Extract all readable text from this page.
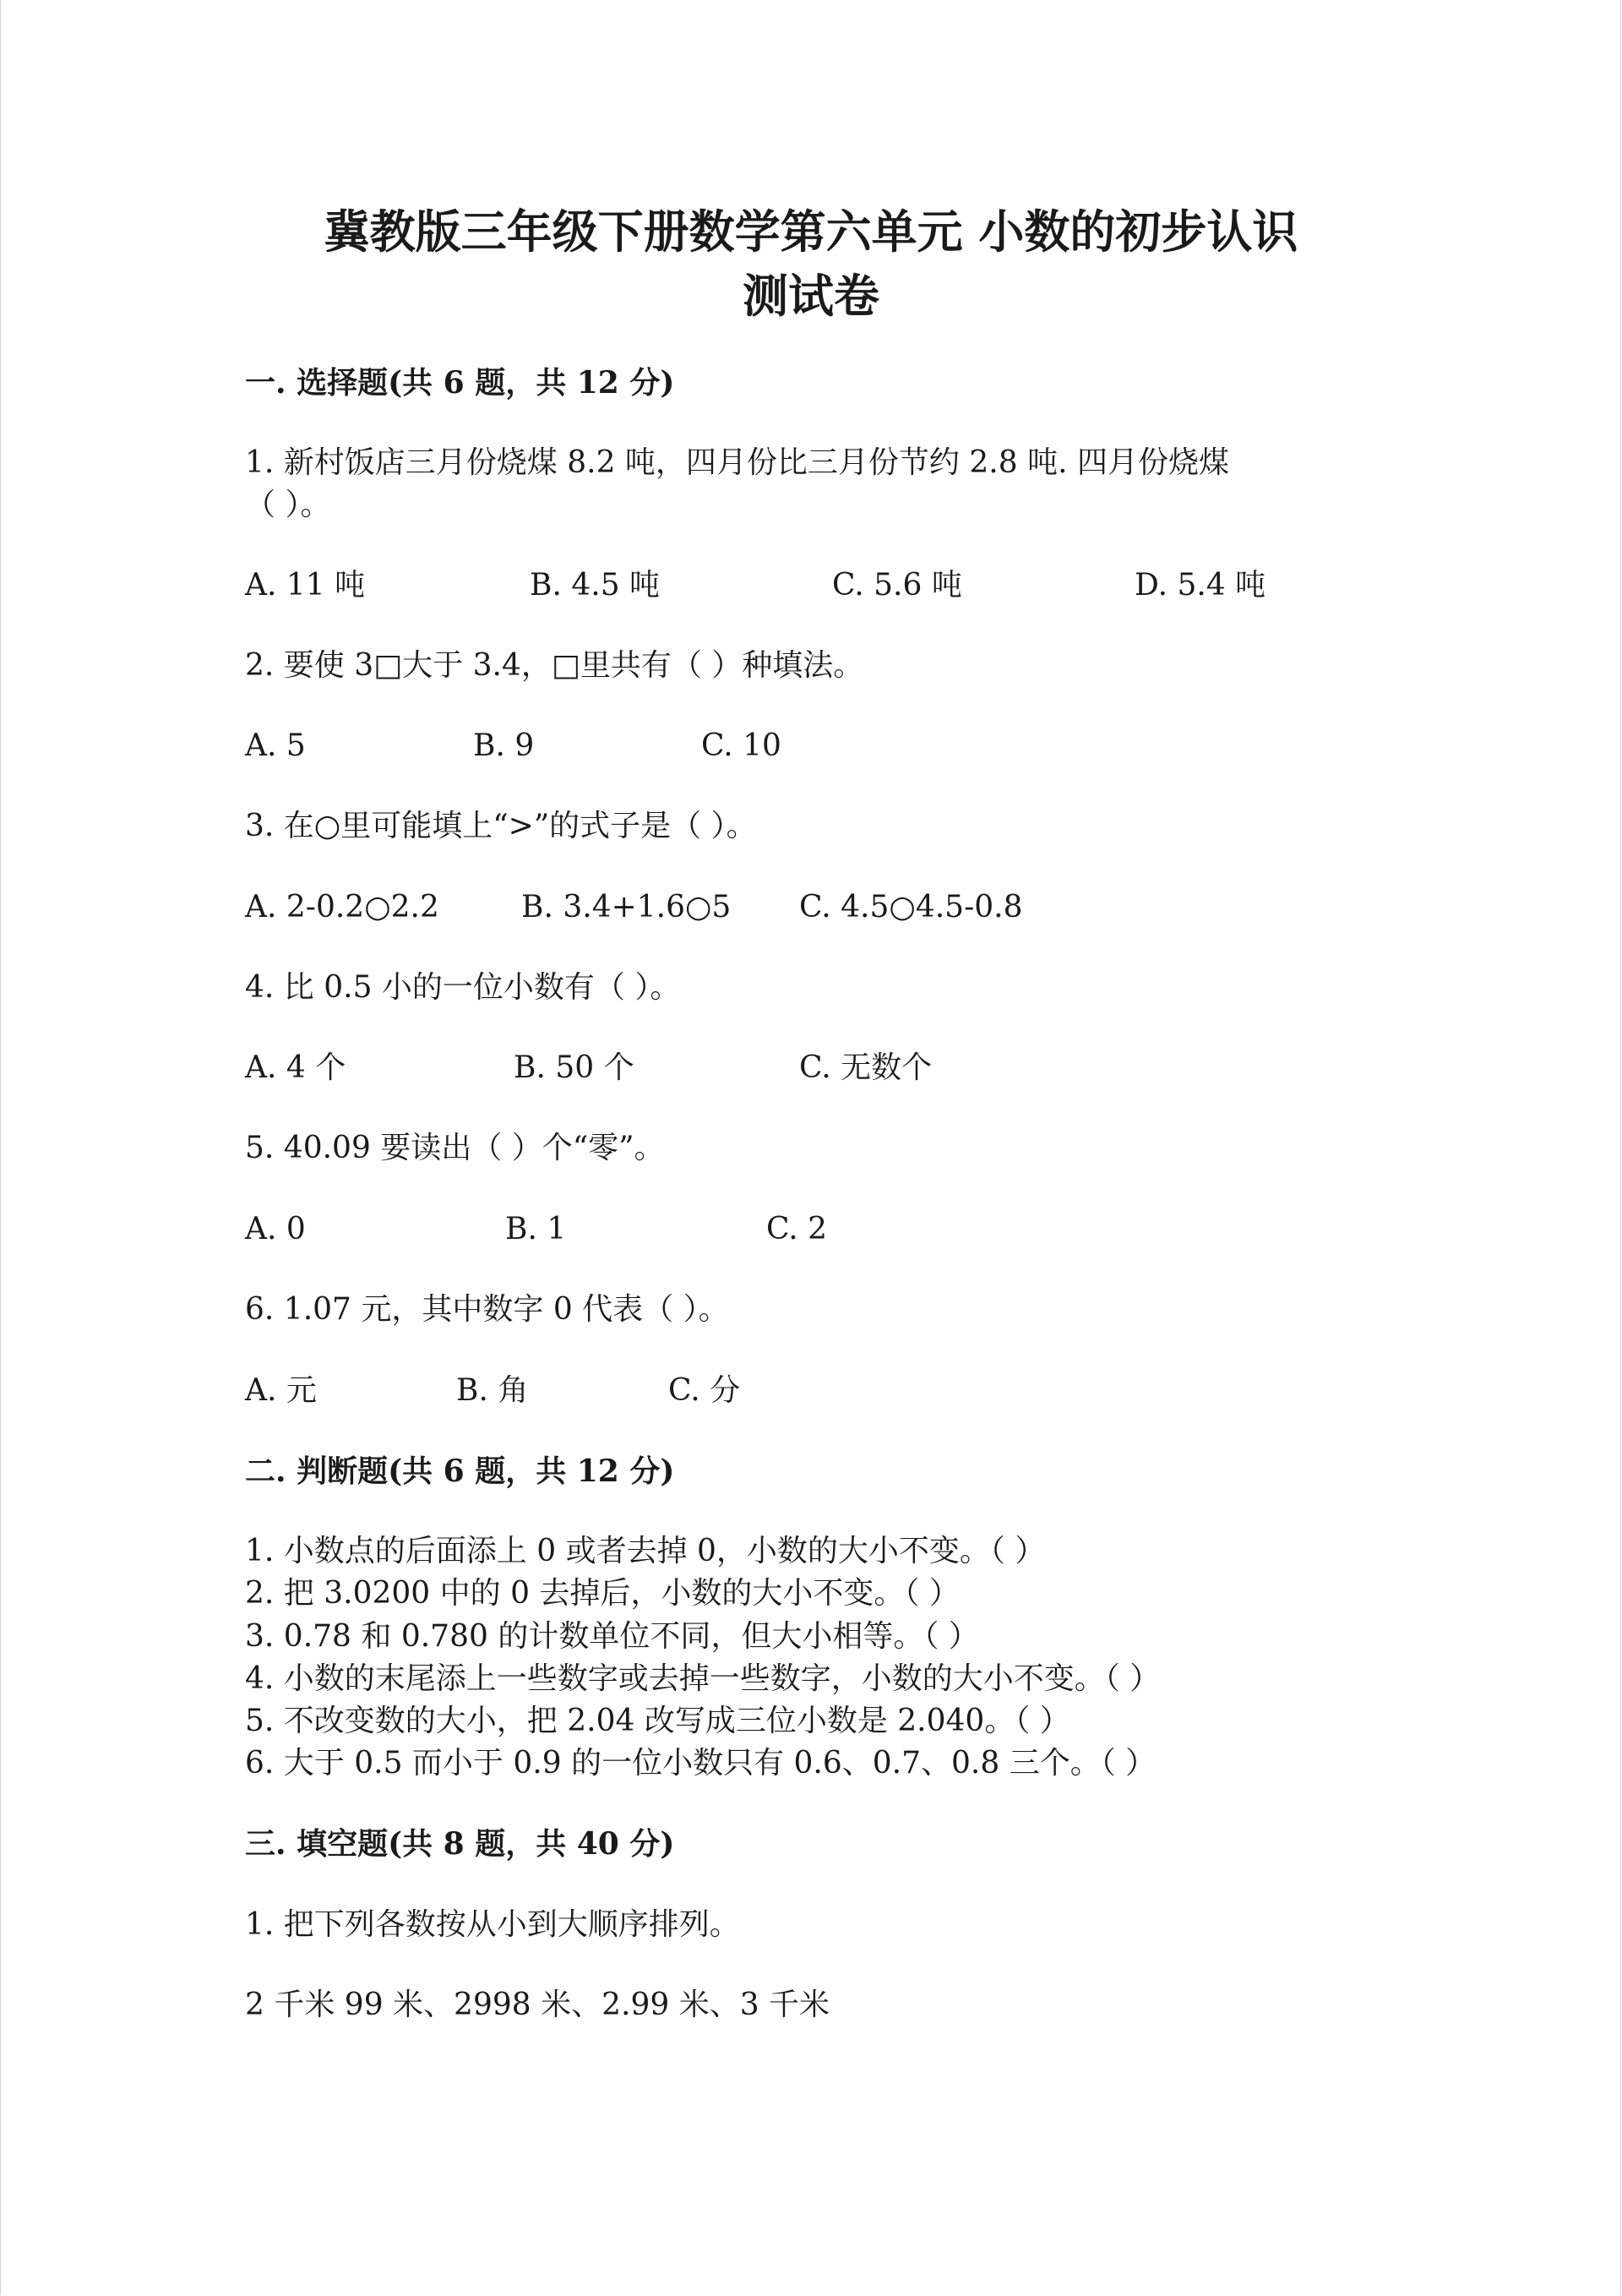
冀教版三年级下册数学第六单元 小数的初步认识
测试卷
一. 选择题(共 6 题，共 12 分)
1. 新村饭店三月份烧煤 8.2 吨，四月份比三月份节约 2.8 吨. 四月份烧煤
（ ）。
A. 11 吨	B. 4.5 吨	C. 5.6 吨	D. 5.4 吨
2. 要使 3□大于 3.4，□里共有（ ）种填法。
A. 5	B. 9	C. 10
3. 在○里可能填上“>”的式子是（ ）。
A. 2-0.2○2.2	B. 3.4+1.6○5 C. 4.5○4.5-0.8
4. 比 0.5 小的一位小数有（ ）。
A. 4 个	B. 50 个	C. 无数个
5. 40.09 要读出（ ）个“零”。
A. 0	B. 1	C. 2
6. 1.07 元，其中数字 0 代表（ ）。
A. 元	B. 角	C. 分
二. 判断题(共 6 题，共 12 分)
1. 小数点的后面添上 0 或者去掉 0，小数的大小不变。（ ）
2. 把 3.0200 中的 0 去掉后，小数的大小不变。（ ）
3. 0.78 和 0.780 的计数单位不同，但大小相等。（ ）
4. 小数的末尾添上一些数字或去掉一些数字，小数的大小不变。（ ）
5. 不改变数的大小，把 2.04 改写成三位小数是 2.040。（ ）
6. 大于 0.5 而小于 0.9 的一位小数只有 0.6、0.7、0.8 三个。（ ）
三. 填空题(共 8 题，共 40 分)
1. 把下列各数按从小到大顺序排列。
2 千米 99 米、2998 米、2.99 米、3 千米
